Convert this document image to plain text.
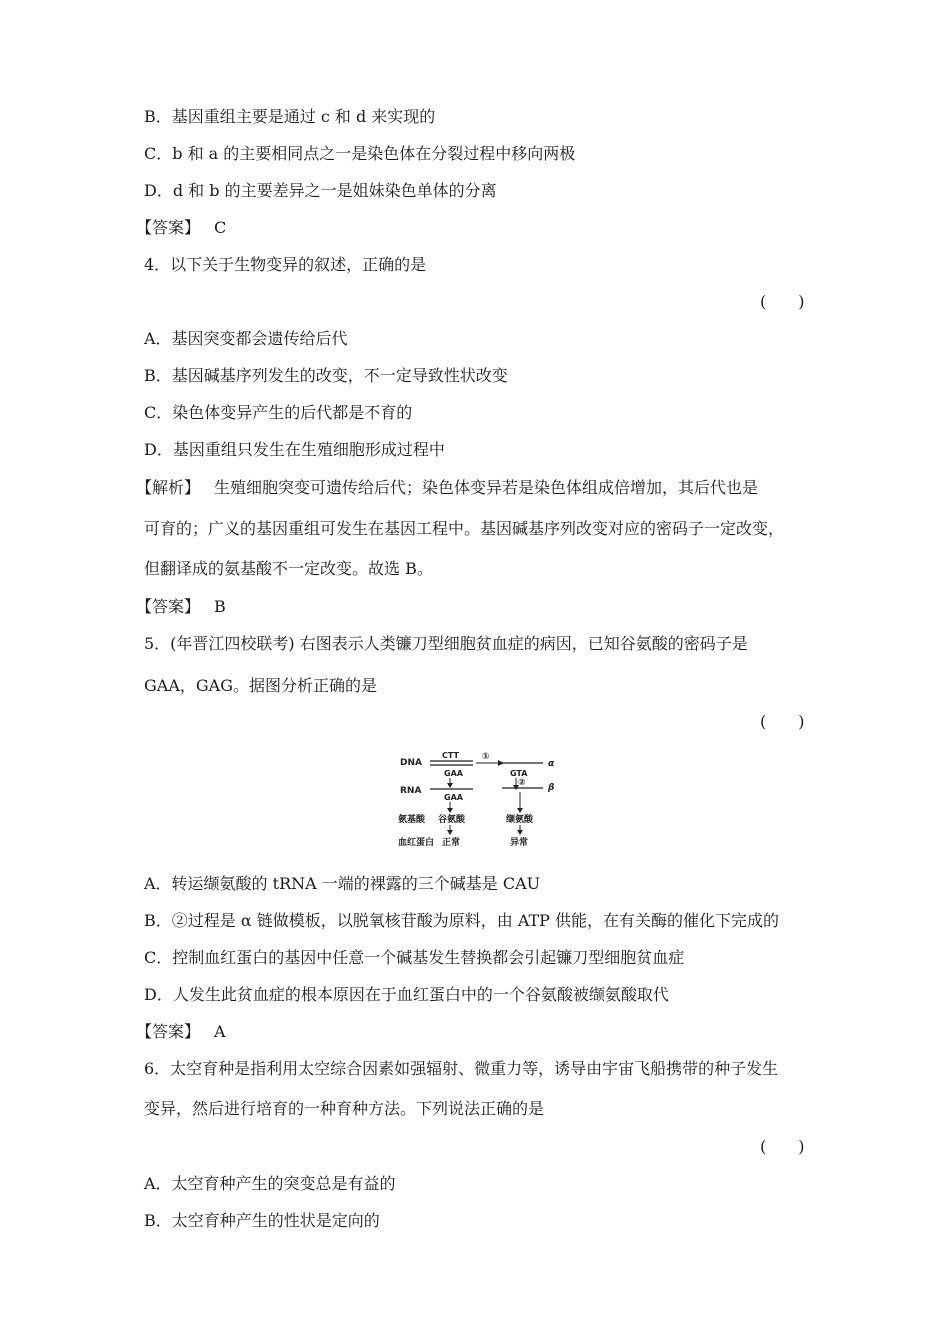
B．基因重组主要是通过 c 和 d 来实现的
C．b 和 a 的主要相同点之一是染色体在分裂过程中移向两极
D．d 和 b 的主要差异之一是姐妹染色单体的分离
【答案】 C
4．以下关于生物变异的叙述，正确的是
(　　)
A．基因突变都会遗传给后代
B．基因碱基序列发生的改变，不一定导致性状改变
C．染色体变异产生的后代都是不育的
D．基因重组只发生在生殖细胞形成过程中
【解析】 生殖细胞突变可遗传给后代；染色体变异若是染色体组成倍增加，其后代也是
可育的；广义的基因重组可发生在基因工程中。基因碱基序列改变对应的密码子一定改变，
但翻译成的氨基酸不一定改变。故选 B。
【答案】 B
5．(年晋江四校联考) 右图表示人类镰刀型细胞贫血症的病因，已知谷氨酸的密码子是
GAA，GAG。据图分析正确的是
(　　)
DNA
RNA
氨基酸
血红蛋白
CTT
GAA
①
α
GTA
β
②
GAA
谷氨酸
正常
缬氨酸
异常
A．转运缬氨酸的 tRNA 一端的裸露的三个碱基是 CAU
B．②过程是 α 链做模板，以脱氧核苷酸为原料，由 ATP 供能，在有关酶的催化下完成的
C．控制血红蛋白的基因中任意一个碱基发生替换都会引起镰刀型细胞贫血症
D．人发生此贫血症的根本原因在于血红蛋白中的一个谷氨酸被缬氨酸取代
【答案】 A
6．太空育种是指利用太空综合因素如强辐射、微重力等，诱导由宇宙飞船携带的种子发生
变异，然后进行培育的一种育种方法。下列说法正确的是
(　　)
A．太空育种产生的突变总是有益的
B．太空育种产生的性状是定向的
